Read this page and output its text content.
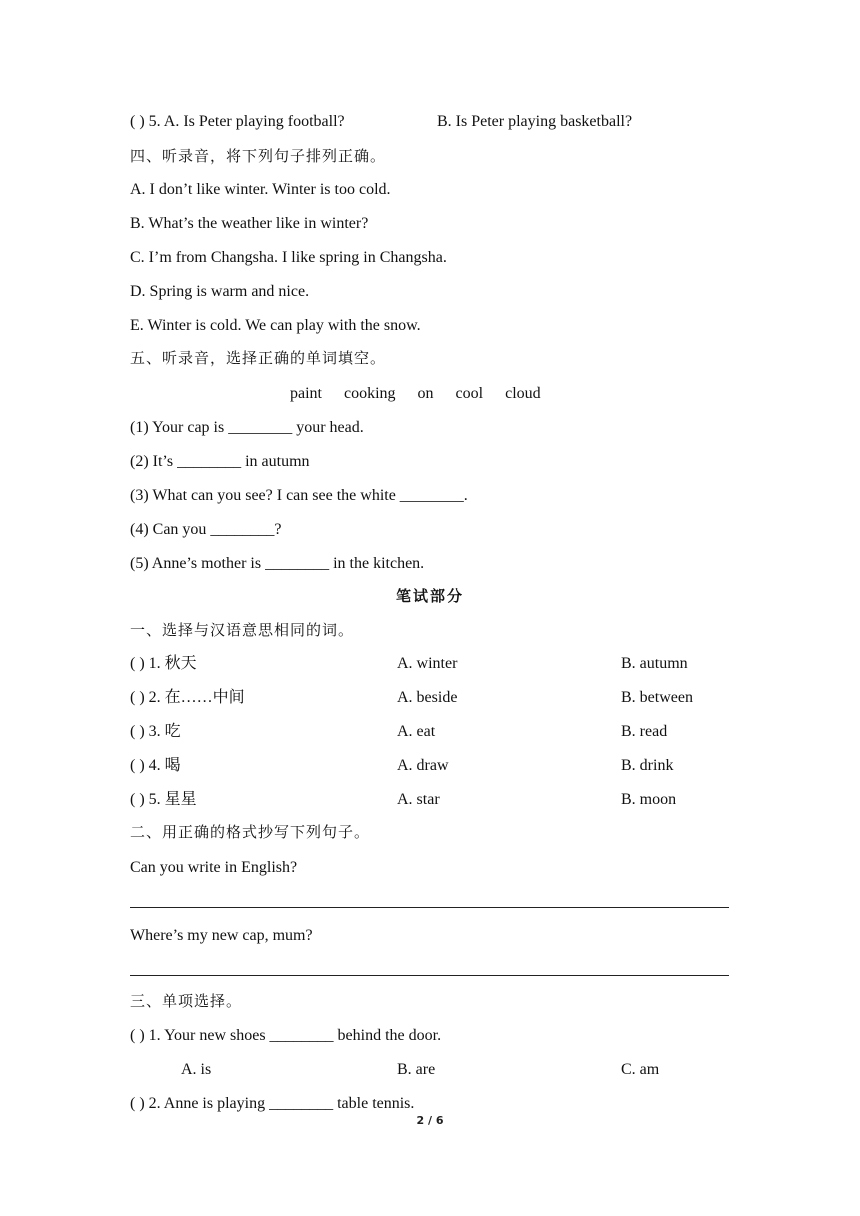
( ) 5. A. Is Peter playing football?	B. Is Peter playing basketball?
四、听录音，将下列句子排列正确。
A. I don’t like winter. Winter is too cold.
B. What’s the weather like in winter?
C. I’m from Changsha. I like spring in Changsha.
D. Spring is warm and nice.
E. Winter is cold. We can play with the snow.
五、听录音，选择正确的单词填空。
paint cooking on cool cloud
(1) Your cap is ________ your head.
(2) It’s ________ in autumn
(3) What can you see? I can see the white ________.
(4) Can you ________?
(5) Anne’s mother is ________ in the kitchen.
笔试部分
一、选择与汉语意思相同的词。
( ) 1. 秋天	A. winter	B. autumn
( ) 2. 在……中间	A. beside	B. between
( ) 3. 吃	A. eat	B. read
( ) 4. 喝	A. draw	B. drink
( ) 5. 星星	A. star	B. moon
二、用正确的格式抄写下列句子。
Can you write in English?
Where’s my new cap, mum?
三、单项选择。
( ) 1. Your new shoes ________ behind the door.
A. is	B. are	C. am
( ) 2. Anne is playing ________ table tennis.
2 / 6
